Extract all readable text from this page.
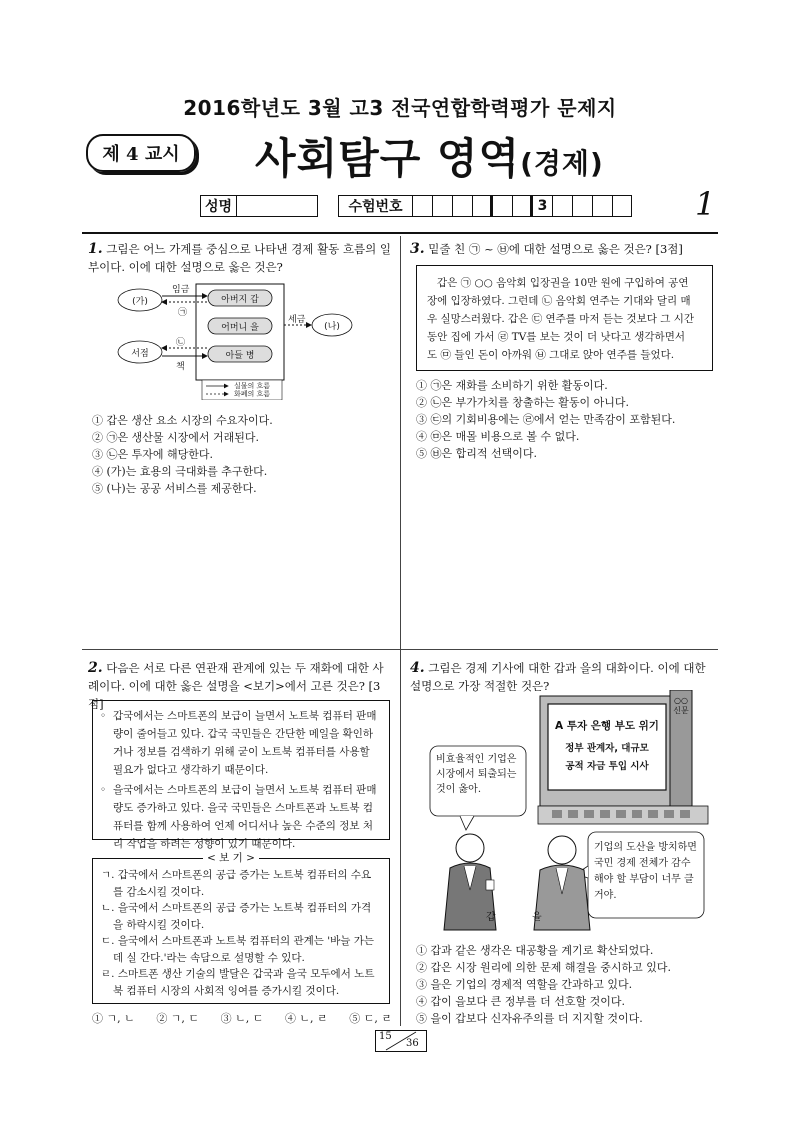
2016학년도 3월 고3 전국연합학력평가 문제지
제 4 교시	사회탐구 영역(경제)
성명	수험번호	3	1
1. 그림은 어느 가계를 중심으로 나타낸 경제 활동 흐름의 일부이다. 이에 대한 설명으로 옳은 것은?
(가)
서점
(나)
아버지 갑
어머니 을
아들 병
임금
㉠
세금
㉡
책
실물의 흐름
화폐의 흐름
① 갑은 생산 요소 시장의 수요자이다.
② ㉠은 생산물 시장에서 거래된다.
③ ㉡은 투자에 해당한다.
④ (가)는 효용의 극대화를 추구한다.
⑤ (나)는 공공 서비스를 제공한다.
3. 밑줄 친 ㉠ ~ ㉥에 대한 설명으로 옳은 것은? [3점]
갑은 ㉠ ○○ 음악회 입장권을 10만 원에 구입하여 공연
장에 입장하였다. 그런데 ㉡ 음악회 연주는 기대와 달리 매
우 실망스러웠다. 갑은 ㉢ 연주를 마저 듣는 것보다 그 시간
동안 집에 가서 ㉣ TV를 보는 것이 더 낫다고 생각하면서
도 ㉤ 들인 돈이 아까워 ㉥ 그대로 앉아 연주를 들었다.
① ㉠은 재화를 소비하기 위한 활동이다.
② ㉡은 부가가치를 창출하는 활동이 아니다.
③ ㉢의 기회비용에는 ㉣에서 얻는 만족감이 포함된다.
④ ㉤은 매몰 비용으로 볼 수 없다.
⑤ ㉥은 합리적 선택이다.
2. 다음은 서로 다른 연관재 관계에 있는 두 재화에 대한 사례이다. 이에 대한 옳은 설명을 <보기>에서 고른 것은? [3점]
◦ 갑국에서는 스마트폰의 보급이 늘면서 노트북 컴퓨터 판매량이 줄어들고 있다. 갑국 국민들은 간단한 메일을 확인하거나 정보를 검색하기 위해 굳이 노트북 컴퓨터를 사용할 필요가 없다고 생각하기 때문이다.
◦ 을국에서는 스마트폰의 보급이 늘면서 노트북 컴퓨터 판매량도 증가하고 있다. 을국 국민들은 스마트폰과 노트북 컴퓨터를 함께 사용하여 언제 어디서나 높은 수준의 정보 처리 작업을 하려는 성향이 있기 때문이다.
< 보 기 >
ㄱ. 갑국에서 스마트폰의 공급 증가는 노트북 컴퓨터의 수요를 감소시킬 것이다.
ㄴ. 을국에서 스마트폰의 공급 증가는 노트북 컴퓨터의 가격을 하락시킬 것이다.
ㄷ. 을국에서 스마트폰과 노트북 컴퓨터의 관계는 '바늘 가는 데 실 간다.'라는 속담으로 설명할 수 있다.
ㄹ. 스마트폰 생산 기술의 발달은 갑국과 을국 모두에서 노트북 컴퓨터 시장의 사회적 잉여를 증가시킬 것이다.
① ㄱ, ㄴ ② ㄱ, ㄷ ③ ㄴ, ㄷ ④ ㄴ, ㄹ ⑤ ㄷ, ㄹ
4. 그림은 경제 기사에 대한 갑과 을의 대화이다. 이에 대한 설명으로 가장 적절한 것은?
A 투자 은행 부도 위기
정부 관계자, 대규모
공적 자금 투입 시사
○○신문
비효율적인 기업은 시장에서 퇴출되는 것이 옳아.
기업의 도산을 방치하면 국민 경제 전체가 감수해야 할 부담이 너무 클 거야.
갑	을
① 갑과 같은 생각은 대공황을 계기로 확산되었다.
② 갑은 시장 원리에 의한 문제 해결을 중시하고 있다.
③ 을은 기업의 경제적 역할을 간과하고 있다.
④ 갑이 을보다 큰 정부를 더 선호할 것이다.
⑤ 을이 갑보다 신자유주의를 더 지지할 것이다.
15
36
